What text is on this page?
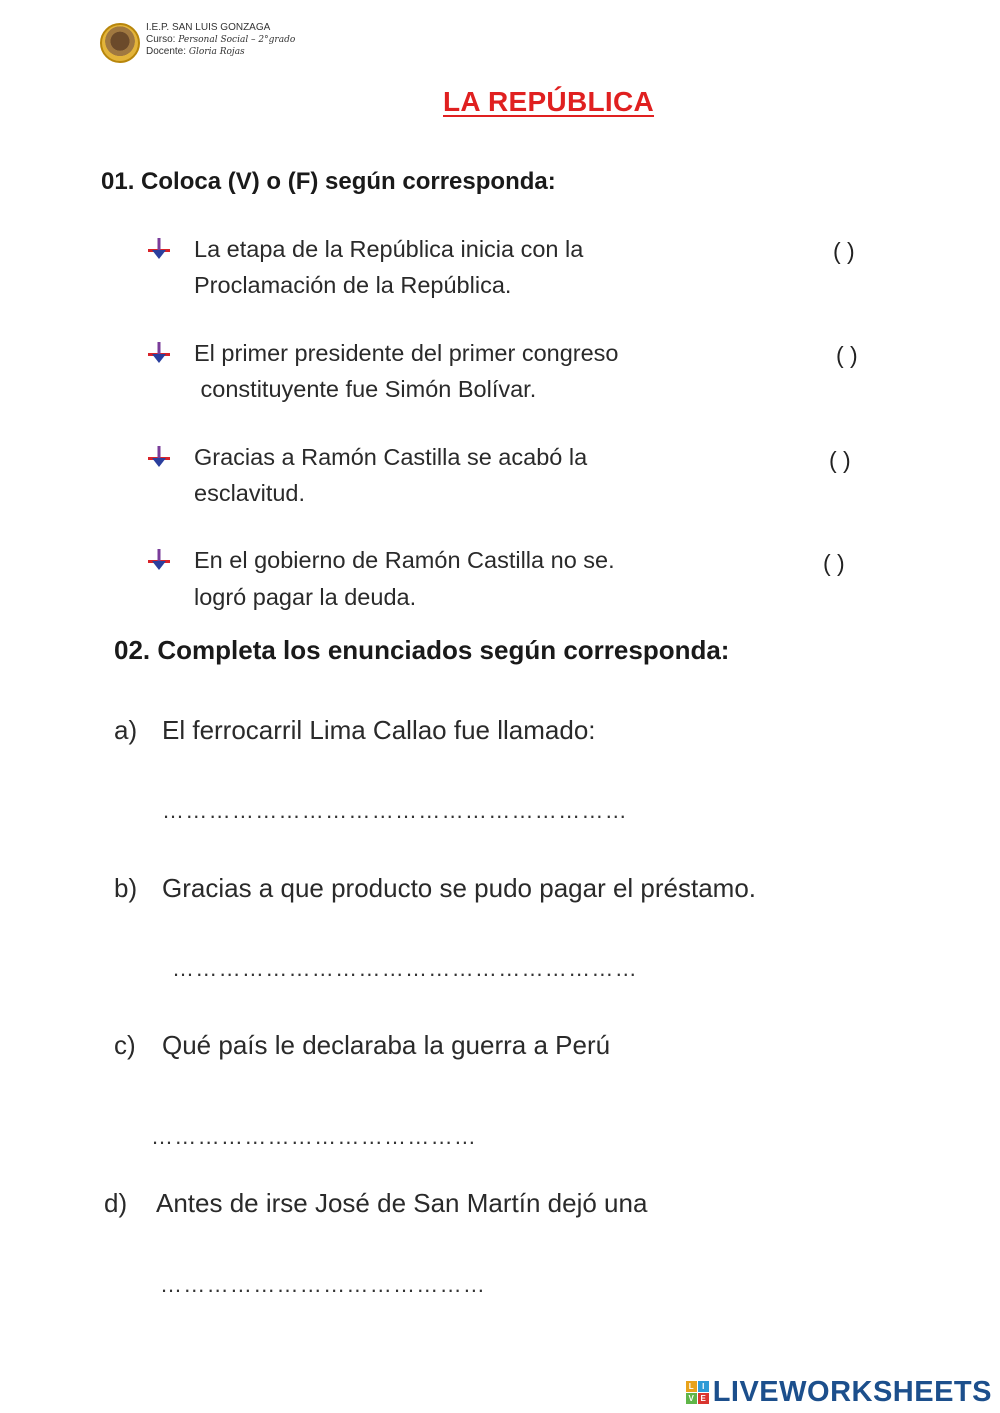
I.E.P. SAN LUIS GONZAGA
Curso: Personal Social – 2°grado
Docente: Gloria Rojas
LA REPÚBLICA
01. Coloca (V) o (F) según corresponda:
La etapa de la República inicia con la
Proclamación de la República.
( )
El primer presidente del primer congreso
constituyente fue Simón Bolívar.
( )
Gracias a Ramón Castilla se acabó la
esclavitud.
( )
En el gobierno de Ramón Castilla no se.
logró pagar la deuda.
( )
02. Completa los enunciados según corresponda:
a) El ferrocarril Lima Callao fue llamado:
……………………………………………………
b) Gracias a que producto se pudo pagar el préstamo.
……………………………………………………
c) Qué país le declaraba la guerra a Perú
……………………………………
d) Antes de irse José de San Martín dejó una
……………………………………
L	I
V E LIVEWORKSHEETS
